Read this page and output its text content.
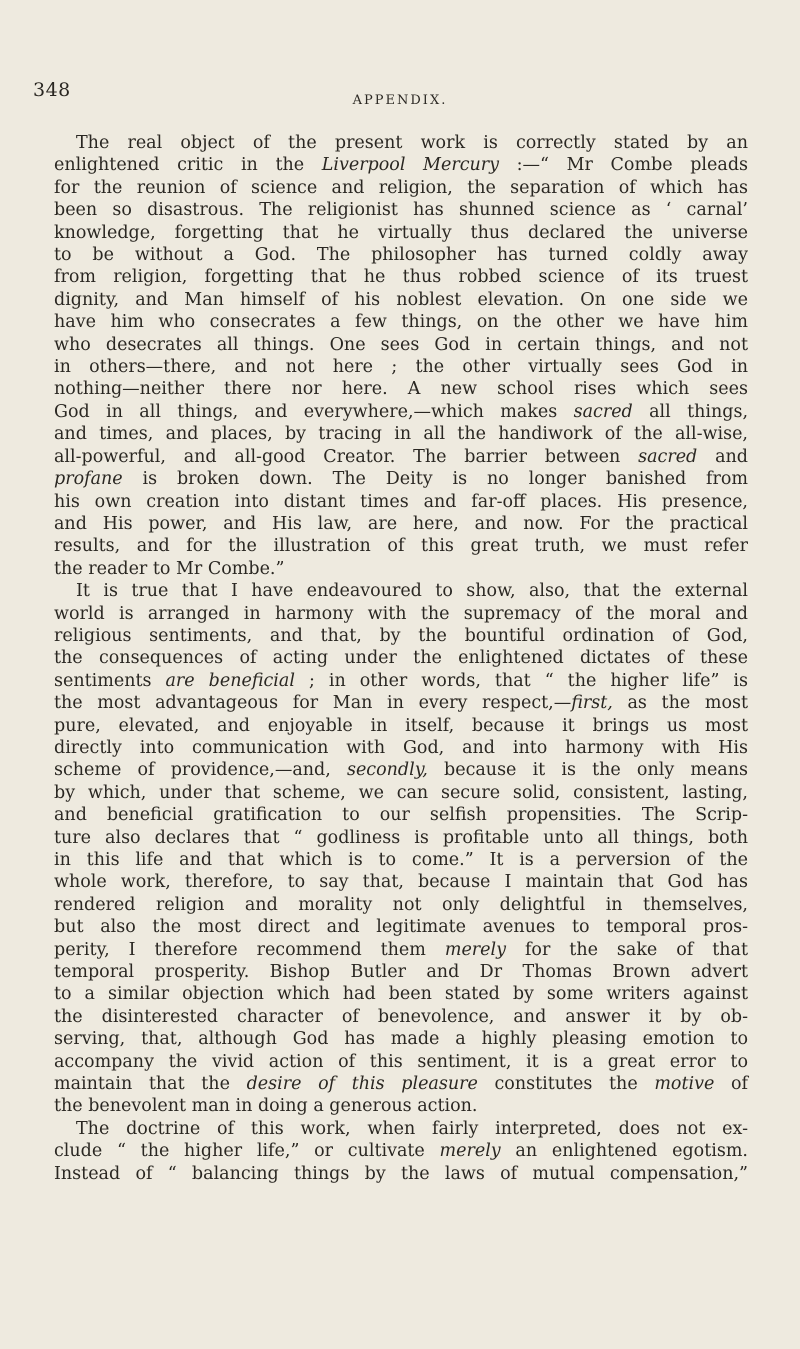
348	APPENDIX.
The real object of the present work is correctly stated by an
enlightened critic in the Liverpool Mercury :—“ Mr Combe pleads
for the reunion of science and religion, the separation of which has
been so disastrous. The religionist has shunned science as ‘ carnal’
knowledge, forgetting that he virtually thus declared the universe
to be without a God. The philosopher has turned coldly away
from religion, forgetting that he thus robbed science of its truest
dignity, and Man himself of his noblest elevation. On one side we
have him who consecrates a few things, on the other we have him
who desecrates all things. One sees God in certain things, and not
in others—there, and not here ; the other virtually sees God in
nothing—neither there nor here. A new school rises which sees
God in all things, and everywhere,—which makes sacred all things,
and times, and places, by tracing in all the handiwork of the all-wise,
all-powerful, and all-good Creator. The barrier between sacred and
profane is broken down. The Deity is no longer banished from
his own creation into distant times and far-off places. His presence,
and His power, and His law, are here, and now. For the practical
results, and for the illustration of this great truth, we must refer
the reader to Mr Combe.”
It is true that I have endeavoured to show, also, that the external
world is arranged in harmony with the supremacy of the moral and
religious sentiments, and that, by the bountiful ordination of God,
the consequences of acting under the enlightened dictates of these
sentiments are beneficial ; in other words, that “ the higher life” is
the most advantageous for Man in every respect,—first, as the most
pure, elevated, and enjoyable in itself, because it brings us most
directly into communication with God, and into harmony with His
scheme of providence,—and, secondly, because it is the only means
by which, under that scheme, we can secure solid, consistent, lasting,
and beneficial gratification to our selfish propensities. The Scrip-
ture also declares that “ godliness is profitable unto all things, both
in this life and that which is to come.” It is a perversion of the
whole work, therefore, to say that, because I maintain that God has
rendered religion and morality not only delightful in themselves,
but also the most direct and legitimate avenues to temporal pros-
perity, I therefore recommend them merely for the sake of that
temporal prosperity. Bishop Butler and Dr Thomas Brown advert
to a similar objection which had been stated by some writers against
the disinterested character of benevolence, and answer it by ob-
serving, that, although God has made a highly pleasing emotion to
accompany the vivid action of this sentiment, it is a great error to
maintain that the desire of this pleasure constitutes the motive of
the benevolent man in doing a generous action.
The doctrine of this work, when fairly interpreted, does not ex-
clude “ the higher life,” or cultivate merely an enlightened egotism.
Instead of “ balancing things by the laws of mutual compensation,”
